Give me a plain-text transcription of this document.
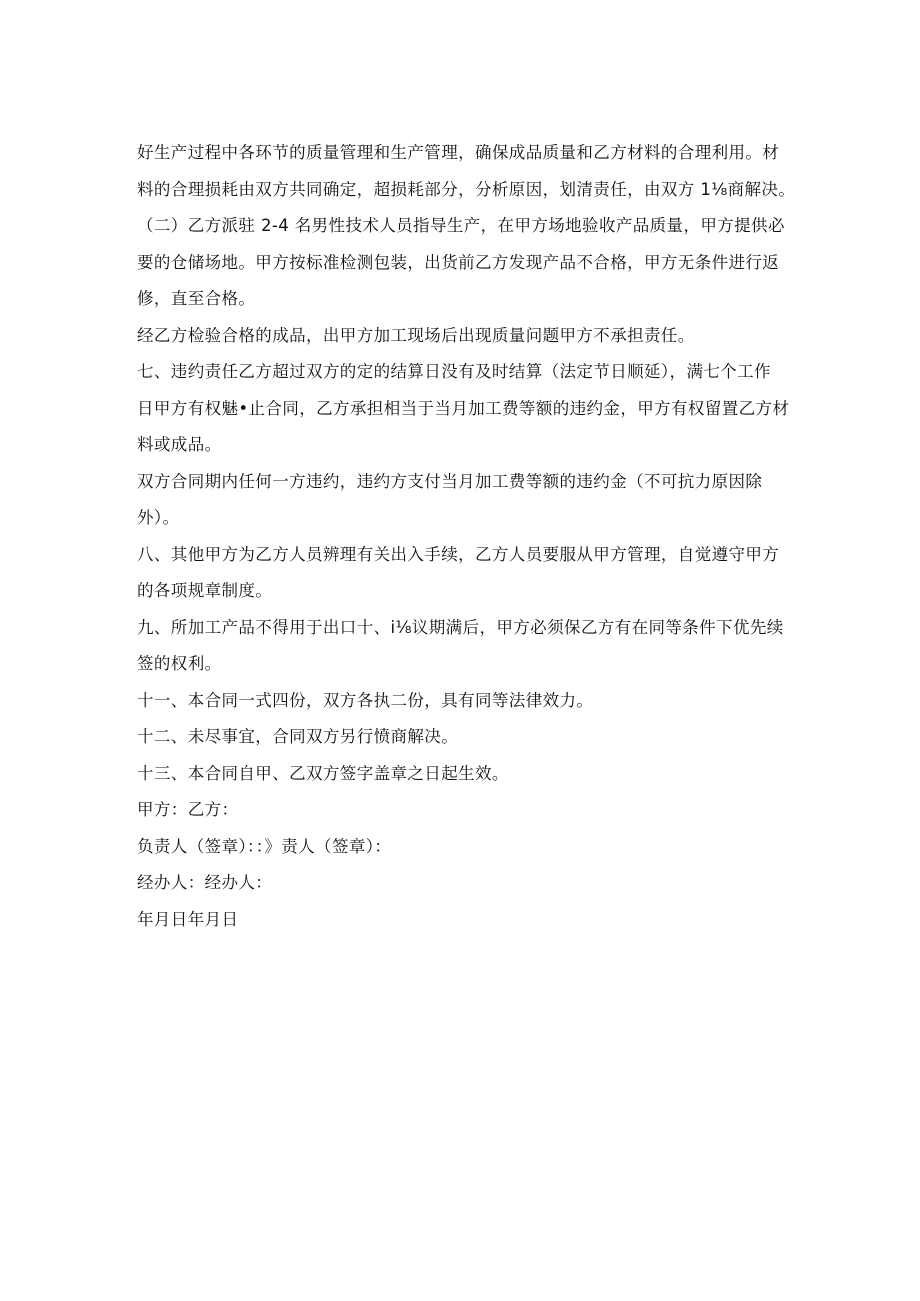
好生产过程中各环节的质量管理和生产管理，确保成品质量和乙方材料的合理利用。材
料的合理损耗由双方共同确定，超损耗部分，分析原因，划清责任，由双方 1⅛商解决。
（二）乙方派驻 2-4 名男性技术人员指导生产，在甲方场地验收产品质量，甲方提供必
要的仓储场地。甲方按标准检测包装，出货前乙方发现产品不合格，甲方无条件进行返
修，直至合格。
经乙方检验合格的成品，出甲方加工现场后出现质量问题甲方不承担责任。
七、违约责任乙方超过双方的定的结算日没有及时结算（法定节日顺延），满七个工作
日甲方有权魅•止合同，乙方承担相当于当月加工费等额的违约金，甲方有权留置乙方材
料或成品。
双方合同期内任何一方违约，违约方支付当月加工费等额的违约金（不可抗力原因除
外）。
八、其他甲方为乙方人员辨理有关出入手续，乙方人员要服从甲方管理，自觉遵守甲方
的各项规章制度。
九、所加工产品不得用于出口十、i⅛议期满后，甲方必须保乙方有在同等条件下优先续
签的权利。
十一、本合同一式四份，双方各执二份，具有同等法律效力。
十二、未尽事宜，合同双方另行愤商解决。
十三、本合同自甲、乙双方签字盖章之日起生效。
甲方：乙方：
负责人（签章）：：》责人（签章）：
经办人：经办人：
年月日年月日
